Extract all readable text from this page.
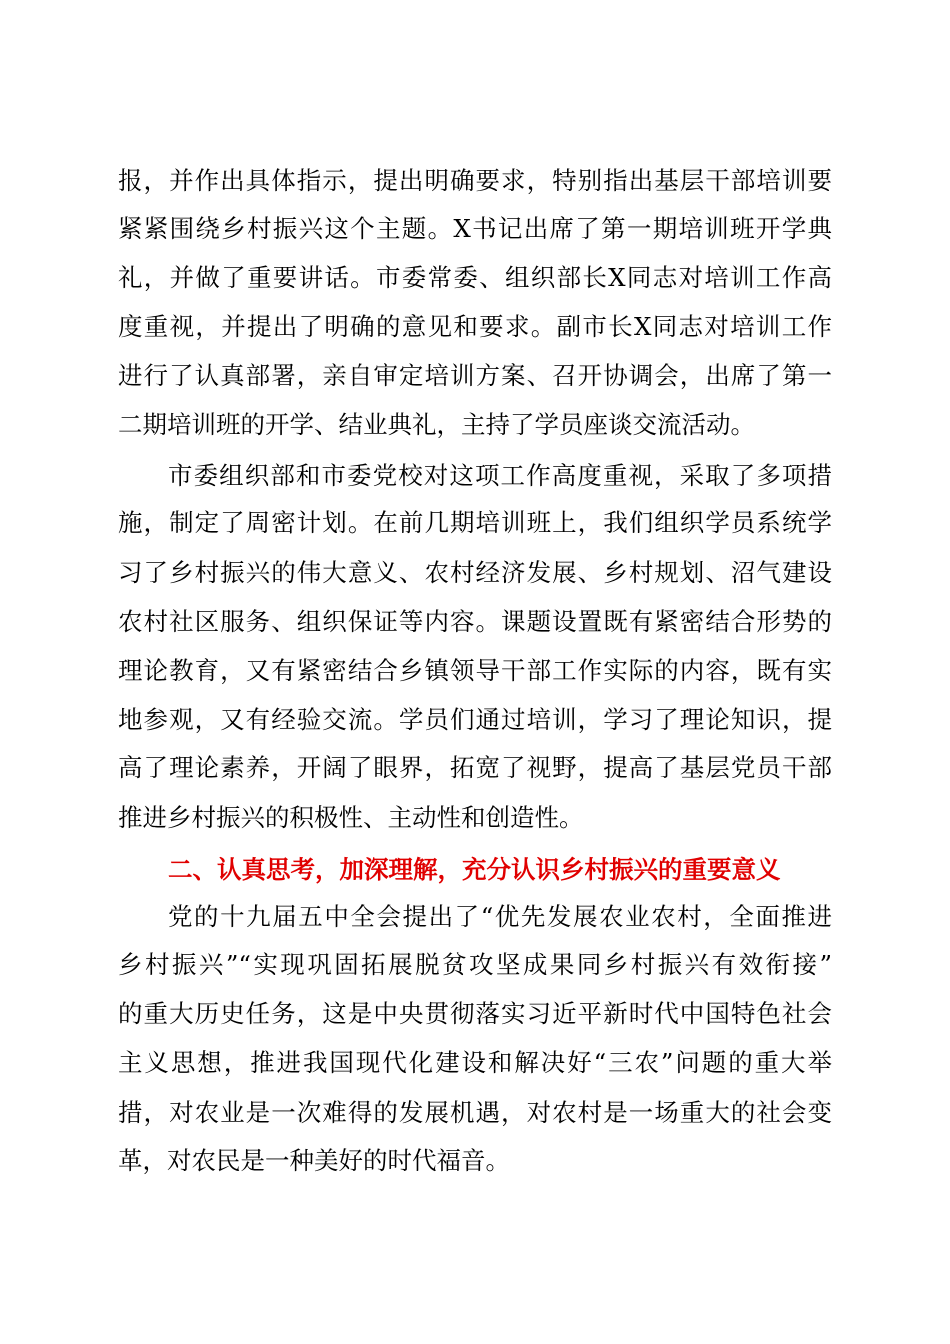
报，并作出具体指示，提出明确要求，特别指出基层干部培训要
紧紧围绕乡村振兴这个主题。X书记出席了第一期培训班开学典
礼，并做了重要讲话。市委常委、组织部长X同志对培训工作高
度重视，并提出了明确的意见和要求。副市长X同志对培训工作
进行了认真部署，亲自审定培训方案、召开协调会，出席了第一
二期培训班的开学、结业典礼，主持了学员座谈交流活动。
市委组织部和市委党校对这项工作高度重视，采取了多项措
施，制定了周密计划。在前几期培训班上，我们组织学员系统学
习了乡村振兴的伟大意义、农村经济发展、乡村规划、沼气建设
农村社区服务、组织保证等内容。课题设置既有紧密结合形势的
理论教育，又有紧密结合乡镇领导干部工作实际的内容，既有实
地参观，又有经验交流。学员们通过培训，学习了理论知识，提
高了理论素养，开阔了眼界，拓宽了视野，提高了基层党员干部
推进乡村振兴的积极性、主动性和创造性。
二、认真思考，加深理解，充分认识乡村振兴的重要意义
党的十九届五中全会提出了“优先发展农业农村，全面推进
乡村振兴”“实现巩固拓展脱贫攻坚成果同乡村振兴有效衔接”
的重大历史任务，这是中央贯彻落实习近平新时代中国特色社会
主义思想，推进我国现代化建设和解决好“三农”问题的重大举
措，对农业是一次难得的发展机遇，对农村是一场重大的社会变
革，对农民是一种美好的时代福音。
